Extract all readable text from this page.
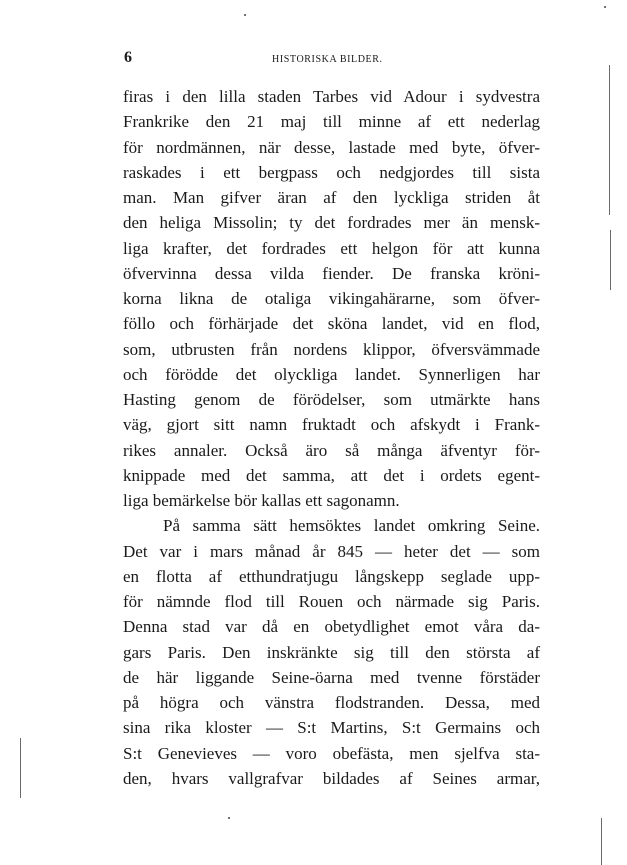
6	HISTORISKA BILDER.
firas i den lilla staden Tarbes vid Adour i sydvestra
Frankrike den 21 maj till minne af ett nederlag
för nordmännen, när desse, lastade med byte, öfver-
raskades i ett bergpass och nedgjordes till sista
man. Man gifver äran af den lyckliga striden åt
den heliga Missolin; ty det fordrades mer än mensk-
liga krafter, det fordrades ett helgon för att kunna
öfvervinna dessa vilda fiender. De franska kröni-
korna likna de otaliga vikingahärarne, som öfver-
föllo och förhärjade det sköna landet, vid en flod,
som, utbrusten från nordens klippor, öfversvämmade
och förödde det olyckliga landet. Synnerligen har
Hasting genom de förödelser, som utmärkte hans
väg, gjort sitt namn fruktadt och afskydt i Frank-
rikes annaler. Också äro så många äfventyr för-
knippade med det samma, att det i ordets egent-
liga bemärkelse bör kallas ett sagonamn.
På samma sätt hemsöktes landet omkring Seine.
Det var i mars månad år 845 — heter det — som
en flotta af etthundratjugu långskepp seglade upp-
för nämnde flod till Rouen och närmade sig Paris.
Denna stad var då en obetydlighet emot våra da-
gars Paris. Den inskränkte sig till den största af
de här liggande Seine-öarna med tvenne förstäder
på högra och vänstra flodstranden. Dessa, med
sina rika kloster — S:t Martins, S:t Germains och
S:t Genevieves — voro obefästa, men sjelfva sta-
den, hvars vallgrafvar bildades af Seines armar,
